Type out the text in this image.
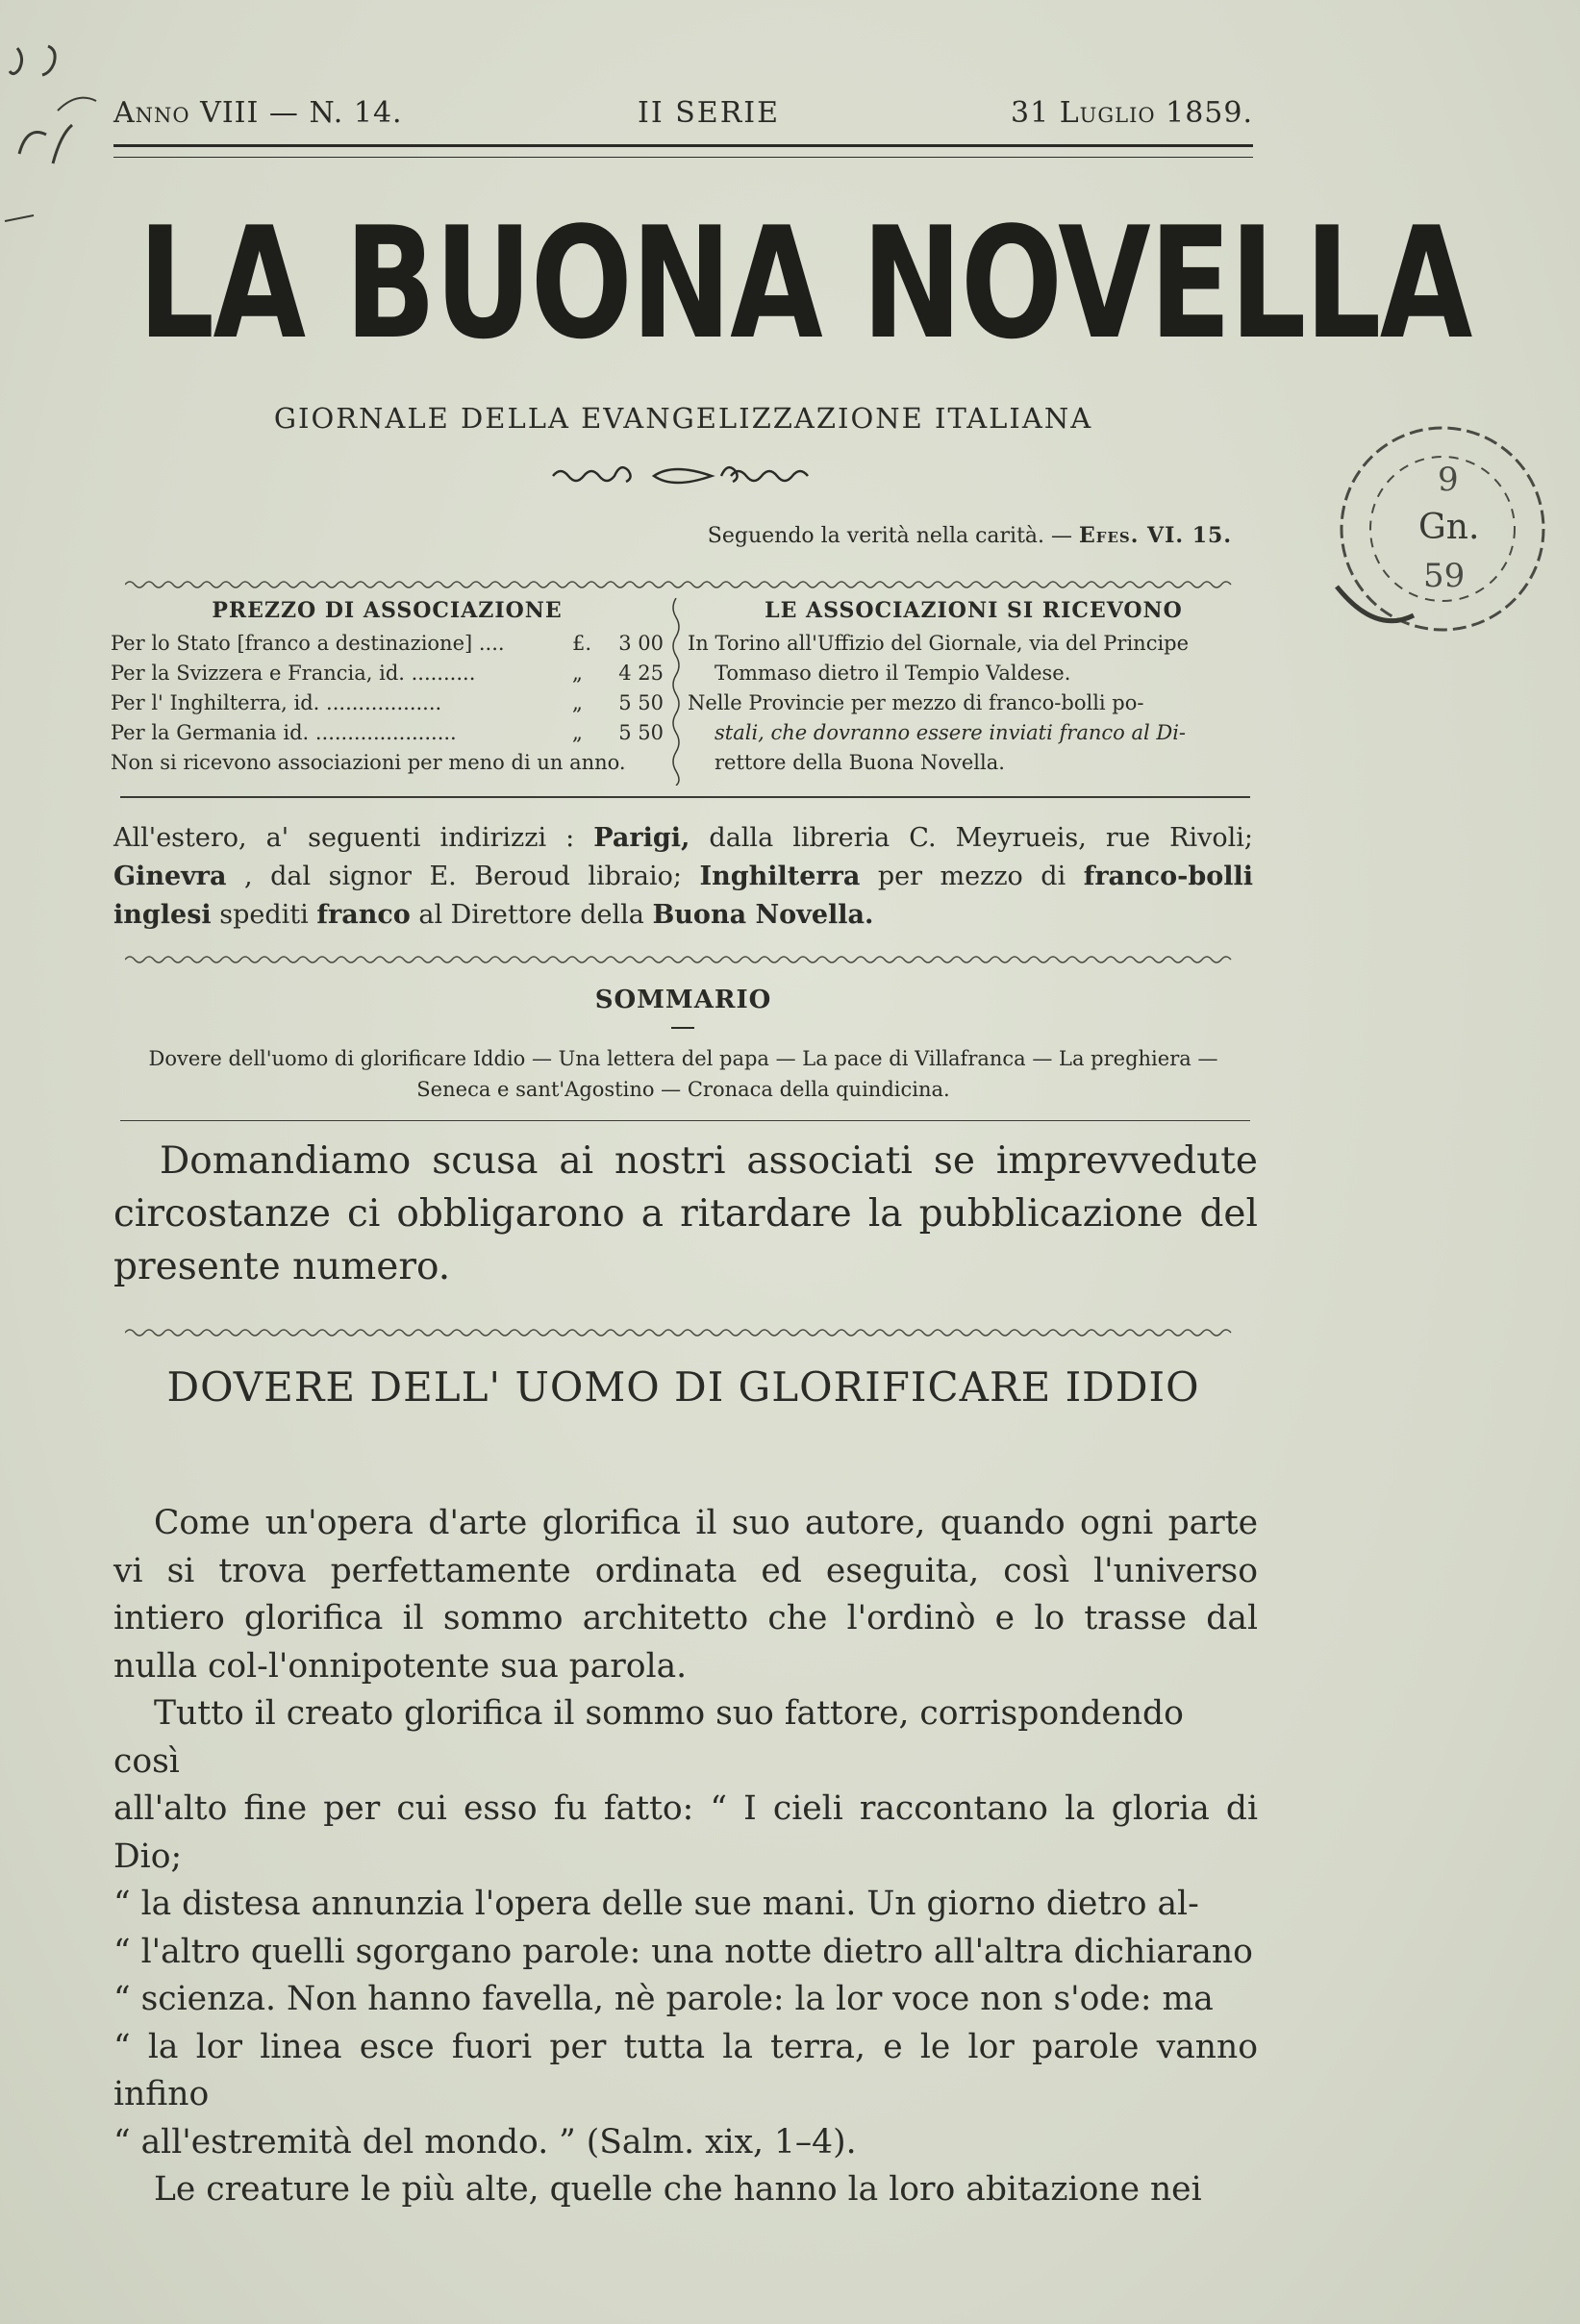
Anno VIII — N. 14.	II SERIE	31 Luglio 1859.
LA BUONA NOVELLA
GIORNALE DELLA EVANGELIZZAZIONE ITALIANA
Seguendo la verità nella carità. — Efes. VI. 15.
PREZZO DI ASSOCIAZIONE
Per lo Stato [franco a destinazione] ....	£. 3 00
Per la Svizzera e Francia, id. ..........	„ 4 25
Per l' Inghilterra, id. ..................	„ 5 50
Per la Germania id. ......................	„ 5 50
Non si ricevono associazioni per meno di un anno.
LE ASSOCIAZIONI SI RICEVONO
In Torino all'Uffizio del Giornale, via del Principe
Tommaso dietro il Tempio Valdese.
Nelle Provincie per mezzo di franco-bolli po-
stali, che dovranno essere inviati franco al Di-
rettore della Buona Novella.
All'estero, a' seguenti indirizzi : Parigi, dalla libreria C. Meyrueis, rue Rivoli; Ginevra , dal signor E. Beroud libraio; Inghilterra per mezzo di franco-bolli inglesi spediti franco al Direttore della Buona Novella.
SOMMARIO
Dovere dell'uomo di glorificare Iddio — Una lettera del papa — La pace di Villafranca — La preghiera — Seneca e sant'Agostino — Cronaca della quindicina.
Domandiamo scusa ai nostri associati se imprevvedute circostanze ci obbligarono a ritardare la pubblicazione del presente numero.
DOVERE DELL' UOMO DI GLORIFICARE IDDIO

Come un'opera d'arte glorifica il suo autore, quando ogni parte vi si trova perfettamente ordinata ed eseguita, così l'universo intiero glorifica il sommo architetto che l'ordinò e lo trasse dal nulla col-l'onnipotente sua parola.

Tutto il creato glorifica il sommo suo fattore, corrispondendo così

all'alto fine per cui esso fu fatto: “ I cieli raccontano la gloria di Dio;

“ la distesa annunzia l'opera delle sue mani. Un giorno dietro al-

“ l'altro quelli sgorgano parole: una notte dietro all'altra dichiarano

“ scienza. Non hanno favella, nè parole: la lor voce non s'ode: ma

“ la lor linea esce fuori per tutta la terra, e le lor parole vanno infino

“ all'estremità del mondo. ” (Salm. xix, 1–4).

Le creature le più alte, quelle che hanno la loro abitazione nei

9
Gn.
59
